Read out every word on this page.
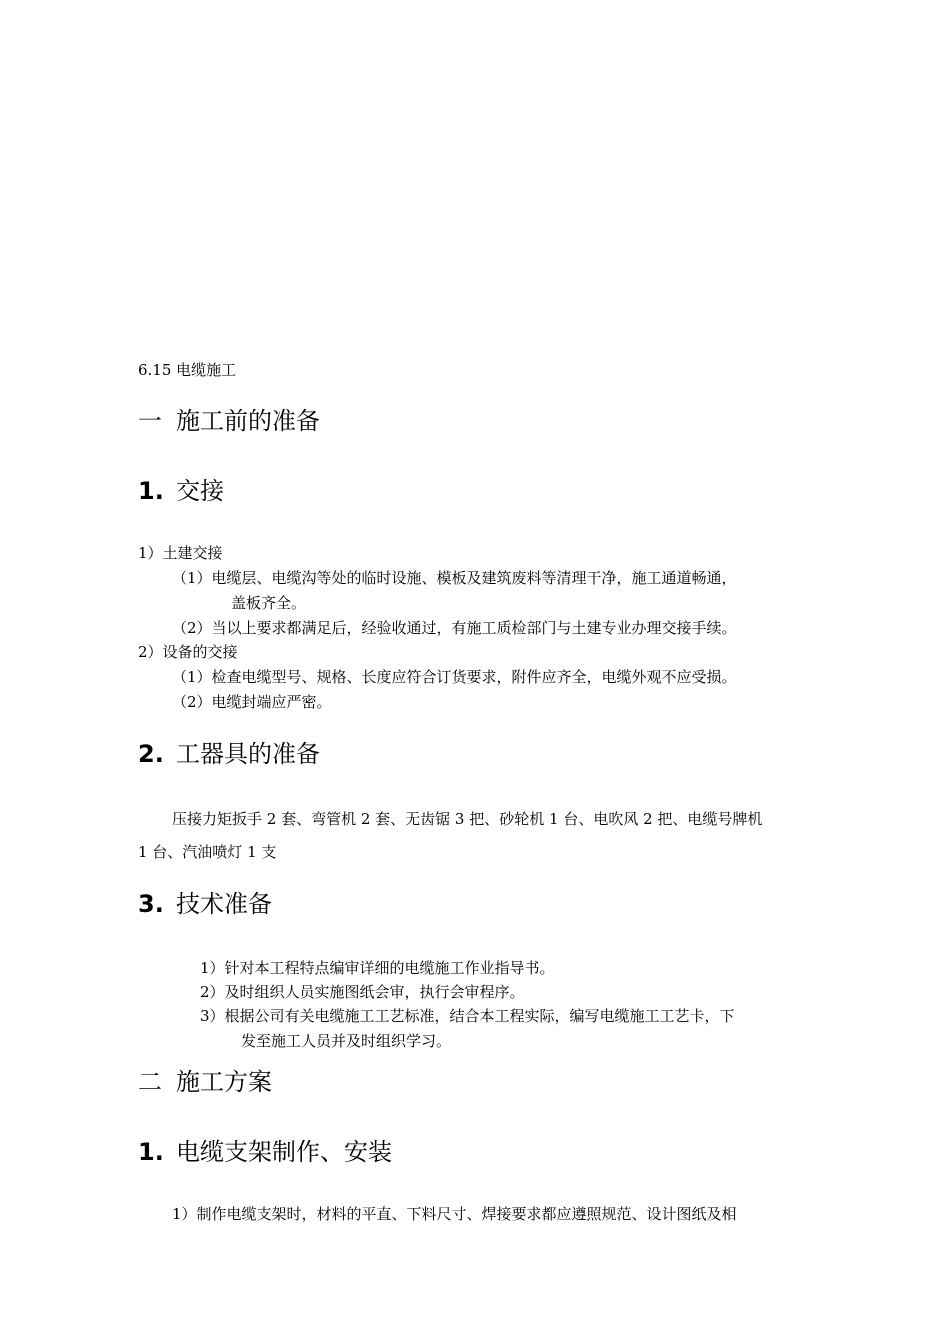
6.15 电缆施工
一 施工前的准备
1. 交接
1）土建交接
（1）电缆层、电缆沟等处的临时设施、模板及建筑废料等清理干净，施工通道畅通，
盖板齐全。
（2）当以上要求都满足后，经验收通过，有施工质检部门与土建专业办理交接手续。
2）设备的交接
（1）检查电缆型号、规格、长度应符合订货要求，附件应齐全，电缆外观不应受损。
（2）电缆封端应严密。
2. 工器具的准备
压接力矩扳手 2 套、弯管机 2 套、无齿锯 3 把、砂轮机 1 台、电吹风 2 把、电缆号牌机
1 台、汽油喷灯 1 支
3. 技术准备
1）针对本工程特点编审详细的电缆施工作业指导书。
2）及时组织人员实施图纸会审，执行会审程序。
3）根据公司有关电缆施工工艺标准，结合本工程实际，编写电缆施工工艺卡，下
发至施工人员并及时组织学习。
二 施工方案
1. 电缆支架制作、安装
1）制作电缆支架时，材料的平直、下料尺寸、焊接要求都应遵照规范、设计图纸及相
